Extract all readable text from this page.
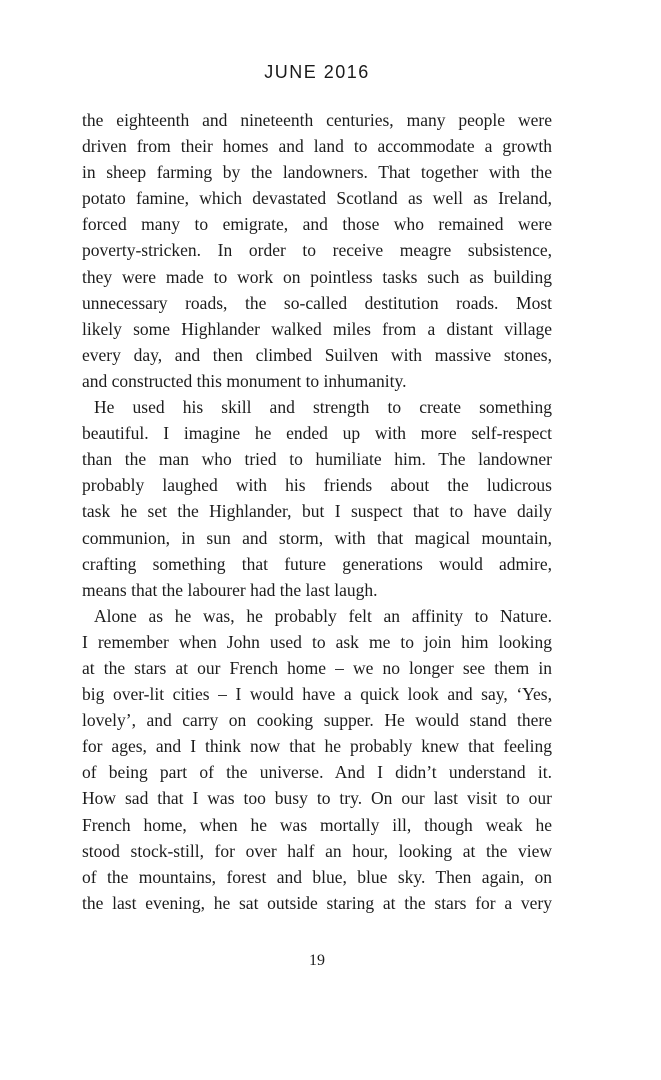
JUNE 2016
the eighteenth and nineteenth centuries, many people were
driven from their homes and land to accommodate a growth
in sheep farming by the landowners. That together with the
potato famine, which devastated Scotland as well as Ireland,
forced many to emigrate, and those who remained were
poverty-stricken. In order to receive meagre subsistence,
they were made to work on pointless tasks such as building
unnecessary roads, the so-called destitution roads. Most
likely some Highlander walked miles from a distant village
every day, and then climbed Suilven with massive stones,
and constructed this monument to inhumanity.
He used his skill and strength to create something
beautiful. I imagine he ended up with more self-respect
than the man who tried to humiliate him. The landowner
probably laughed with his friends about the ludicrous
task he set the Highlander, but I suspect that to have daily
communion, in sun and storm, with that magical mountain,
crafting something that future generations would admire,
means that the labourer had the last laugh.
Alone as he was, he probably felt an affinity to Nature.
I remember when John used to ask me to join him looking
at the stars at our French home – we no longer see them in
big over-lit cities – I would have a quick look and say, ‘Yes,
lovely’, and carry on cooking supper. He would stand there
for ages, and I think now that he probably knew that feeling
of being part of the universe. And I didn’t understand it.
How sad that I was too busy to try. On our last visit to our
French home, when he was mortally ill, though weak he
stood stock-still, for over half an hour, looking at the view
of the mountains, forest and blue, blue sky. Then again, on
the last evening, he sat outside staring at the stars for a very
19
